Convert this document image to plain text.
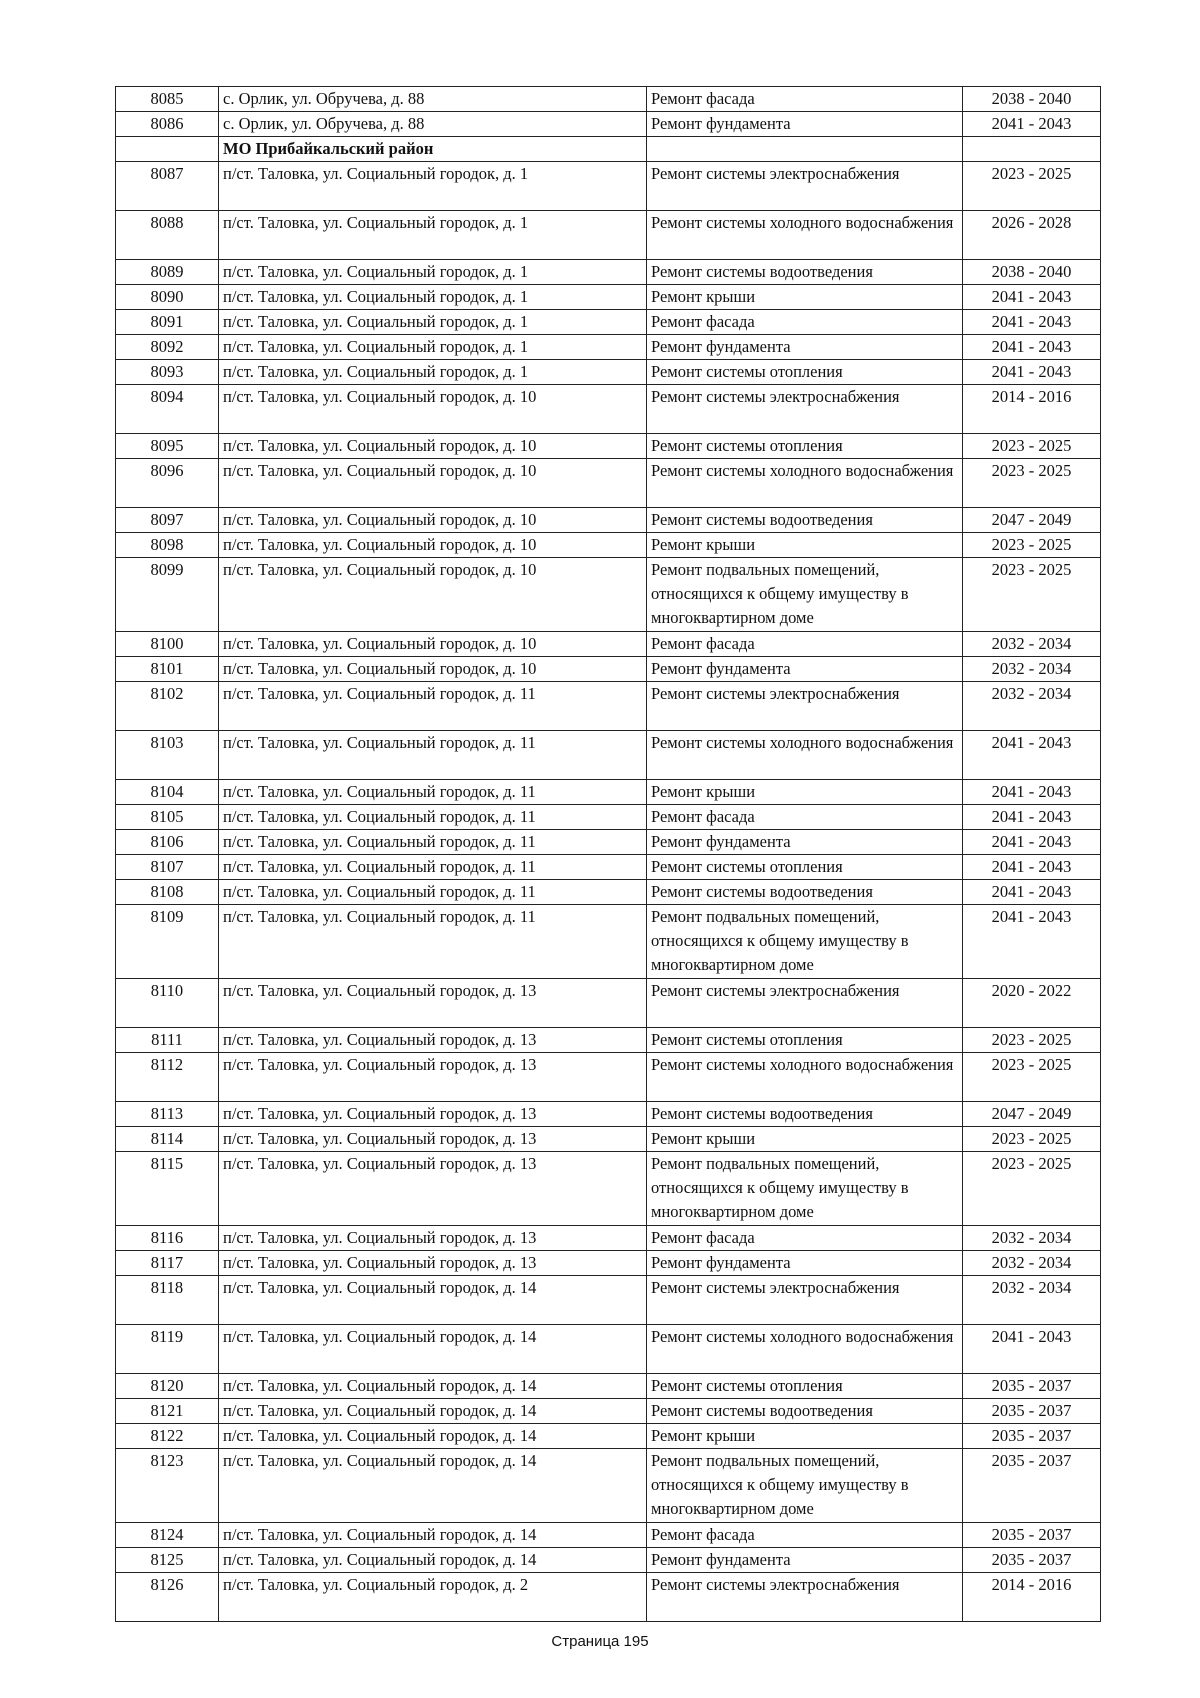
8085	с. Орлик, ул. Обручева, д. 88	Ремонт фасада	2038 - 2040
8086	с. Орлик, ул. Обручева, д. 88	Ремонт фундамента	2041 - 2043
	МО Прибайкальский район		
8087	п/ст. Таловка, ул. Социальный городок, д. 1	Ремонт системы электроснабжения	2023 - 2025
8088	п/ст. Таловка, ул. Социальный городок, д. 1	Ремонт системы холодного водоснабжения	2026 - 2028
8089	п/ст. Таловка, ул. Социальный городок, д. 1	Ремонт системы водоотведения	2038 - 2040
8090	п/ст. Таловка, ул. Социальный городок, д. 1	Ремонт крыши	2041 - 2043
8091	п/ст. Таловка, ул. Социальный городок, д. 1	Ремонт фасада	2041 - 2043
8092	п/ст. Таловка, ул. Социальный городок, д. 1	Ремонт фундамента	2041 - 2043
8093	п/ст. Таловка, ул. Социальный городок, д. 1	Ремонт системы отопления	2041 - 2043
8094	п/ст. Таловка, ул. Социальный городок, д. 10	Ремонт системы электроснабжения	2014 - 2016
8095	п/ст. Таловка, ул. Социальный городок, д. 10	Ремонт системы отопления	2023 - 2025
8096	п/ст. Таловка, ул. Социальный городок, д. 10	Ремонт системы холодного водоснабжения	2023 - 2025
8097	п/ст. Таловка, ул. Социальный городок, д. 10	Ремонт системы водоотведения	2047 - 2049
8098	п/ст. Таловка, ул. Социальный городок, д. 10	Ремонт крыши	2023 - 2025
8099	п/ст. Таловка, ул. Социальный городок, д. 10	Ремонт подвальных помещений, относящихся к общему имуществу в многоквартирном доме	2023 - 2025
8100	п/ст. Таловка, ул. Социальный городок, д. 10	Ремонт фасада	2032 - 2034
8101	п/ст. Таловка, ул. Социальный городок, д. 10	Ремонт фундамента	2032 - 2034
8102	п/ст. Таловка, ул. Социальный городок, д. 11	Ремонт системы электроснабжения	2032 - 2034
8103	п/ст. Таловка, ул. Социальный городок, д. 11	Ремонт системы холодного водоснабжения	2041 - 2043
8104	п/ст. Таловка, ул. Социальный городок, д. 11	Ремонт крыши	2041 - 2043
8105	п/ст. Таловка, ул. Социальный городок, д. 11	Ремонт фасада	2041 - 2043
8106	п/ст. Таловка, ул. Социальный городок, д. 11	Ремонт фундамента	2041 - 2043
8107	п/ст. Таловка, ул. Социальный городок, д. 11	Ремонт системы отопления	2041 - 2043
8108	п/ст. Таловка, ул. Социальный городок, д. 11	Ремонт системы водоотведения	2041 - 2043
8109	п/ст. Таловка, ул. Социальный городок, д. 11	Ремонт подвальных помещений, относящихся к общему имуществу в многоквартирном доме	2041 - 2043
8110	п/ст. Таловка, ул. Социальный городок, д. 13	Ремонт системы электроснабжения	2020 - 2022
8111	п/ст. Таловка, ул. Социальный городок, д. 13	Ремонт системы отопления	2023 - 2025
8112	п/ст. Таловка, ул. Социальный городок, д. 13	Ремонт системы холодного водоснабжения	2023 - 2025
8113	п/ст. Таловка, ул. Социальный городок, д. 13	Ремонт системы водоотведения	2047 - 2049
8114	п/ст. Таловка, ул. Социальный городок, д. 13	Ремонт крыши	2023 - 2025
8115	п/ст. Таловка, ул. Социальный городок, д. 13	Ремонт подвальных помещений, относящихся к общему имуществу в многоквартирном доме	2023 - 2025
8116	п/ст. Таловка, ул. Социальный городок, д. 13	Ремонт фасада	2032 - 2034
8117	п/ст. Таловка, ул. Социальный городок, д. 13	Ремонт фундамента	2032 - 2034
8118	п/ст. Таловка, ул. Социальный городок, д. 14	Ремонт системы электроснабжения	2032 - 2034
8119	п/ст. Таловка, ул. Социальный городок, д. 14	Ремонт системы холодного водоснабжения	2041 - 2043
8120	п/ст. Таловка, ул. Социальный городок, д. 14	Ремонт системы отопления	2035 - 2037
8121	п/ст. Таловка, ул. Социальный городок, д. 14	Ремонт системы водоотведения	2035 - 2037
8122	п/ст. Таловка, ул. Социальный городок, д. 14	Ремонт крыши	2035 - 2037
8123	п/ст. Таловка, ул. Социальный городок, д. 14	Ремонт подвальных помещений, относящихся к общему имуществу в многоквартирном доме	2035 - 2037
8124	п/ст. Таловка, ул. Социальный городок, д. 14	Ремонт фасада	2035 - 2037
8125	п/ст. Таловка, ул. Социальный городок, д. 14	Ремонт фундамента	2035 - 2037
8126	п/ст. Таловка, ул. Социальный городок, д. 2	Ремонт системы электроснабжения	2014 - 2016
Страница 195
